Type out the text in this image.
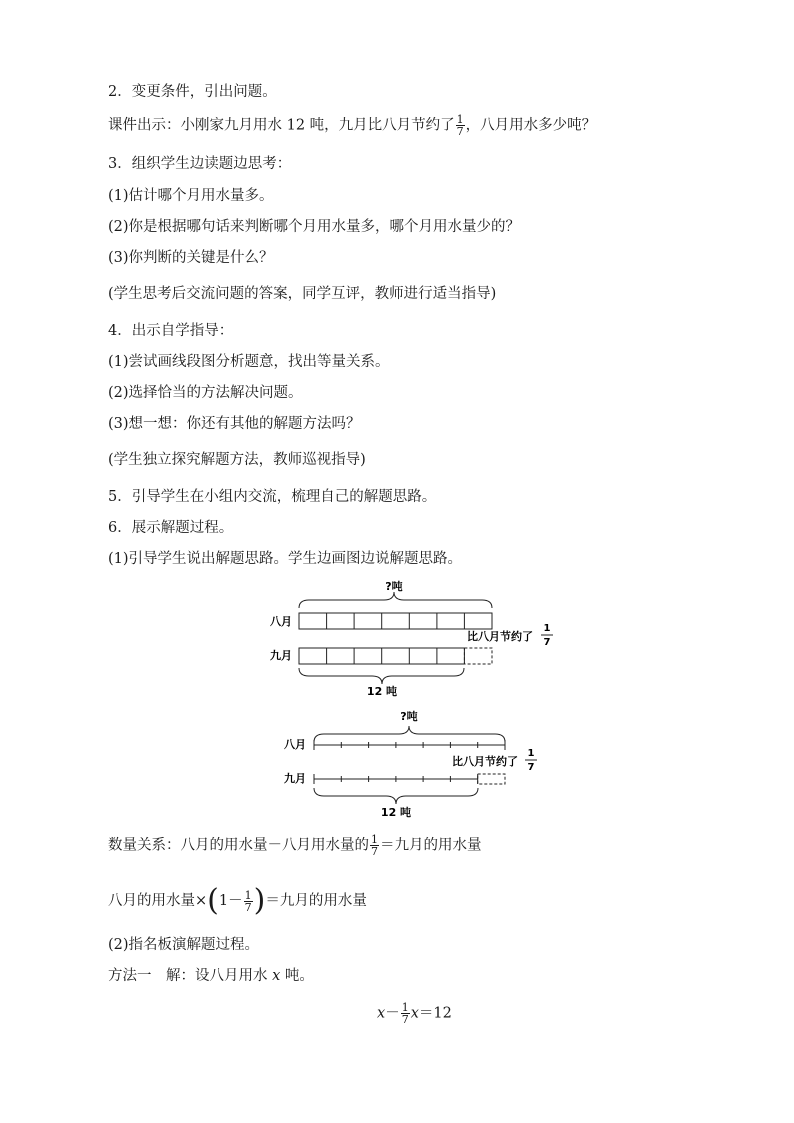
2．变更条件，引出问题。
课件出示：小刚家九月用水 12 吨，九月比八月节约了 $\frac{1}{7}$ ，八月用水多少吨？
3．组织学生边读题边思考：
(1)估计哪个月用水量多。
(2)你是根据哪句话来判断哪个月用水量多，哪个月用水量少的？
(3)你判断的关键是什么？
(学生思考后交流问题的答案，同学互评，教师进行适当指导)
4．出示自学指导：
(1)尝试画线段图分析题意，找出等量关系。
(2)选择恰当的方法解决问题。
(3)想一想：你还有其他的解题方法吗？
(学生独立探究解题方法，教师巡视指导)
5．引导学生在小组内交流，梳理自己的解题思路。
6．展示解题过程。
(1)引导学生说出解题思路。学生边画图边说解题思路。
?吨
八月
比八月节约了
1
7
九月
12 吨
?吨
八月
比八月节约了
1
7
九月
12 吨
数量关系：八月的用水量－八月用水量的 $\frac{1}{7}$ ＝九月的用水量
八月的用水量$\times(1- \frac{1}{7}$ )＝九月的用水量
(2)指名板演解题过程。
方法一　解：设八月用水 x 吨。
$x- \frac{1}{7} x=12$
